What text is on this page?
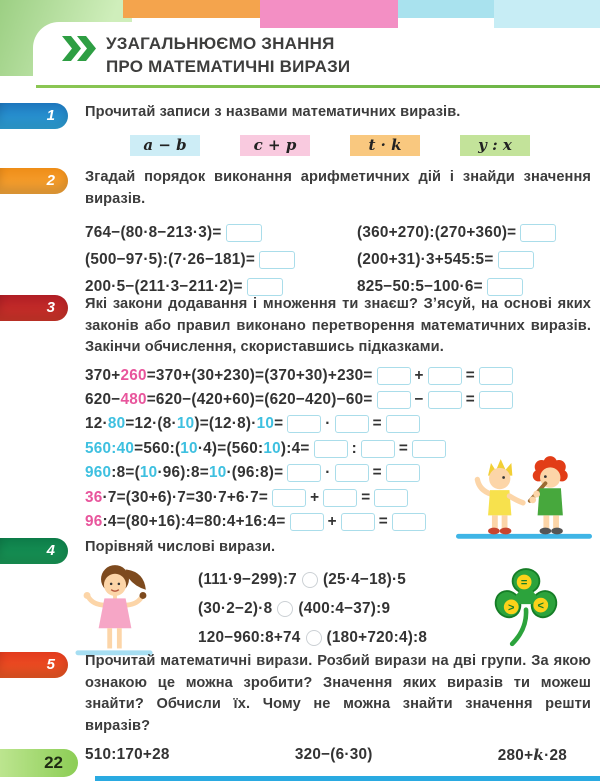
УЗАГАЛЬНЮЄМО ЗНАННЯ
ПРО МАТЕМАТИЧНІ ВИРАЗИ
1	Прочитай записи з назвами математичних виразів.

a − b	c + p	t · k	y : x
2	Згадай порядок виконання арифметичних дій і знайди значення виразів.

764−(80·8−213·3)=	(360+270):(270+360)=
(500−97·5):(7·26−181)=	(200+31)·3+545:5=
200·5−(211·3−211·2)=	825−50:5−100·6=
3	Які закони додавання і множення ти знаєш? Зʼясуй, на основі яких законів або правил виконано перетворення математичних виразів. Закінчи обчислення, скориставшись підказками.

370+ 260 =370+(30+230)=(370+30)+230=	+	=
620− 480 =620−(420+60)=(620−420)−60=	−	=
12· 80 =12·(8· 10 )=(12·8)· 10 =	·	=
560:40 =560:( 10 ·4)=(560: 10 ):4=	:	=
960 :8=( 10 ·96):8= 10 ·(96:8)=	·	=
36 ·7=(30+6)·7=30·7+6·7=	+	=
96 :4=(80+16):4=80:4+16:4=	+	=
4	Порівняй числові вирази.

(111·9−299):7 (25·4−18)·5
(30·2−2)·8 (400:4−37):9
120−960:8+74 (180+720:4):8
=
> <
5	Прочитай математичні вирази. Розбий вирази на дві групи. За якою ознакою це можна зробити? Значення яких виразів ти можеш знайти? Обчисли їх. Чому не можна знайти значення решти виразів?

510:170+28	320−(6·30)	280+k·28
22
